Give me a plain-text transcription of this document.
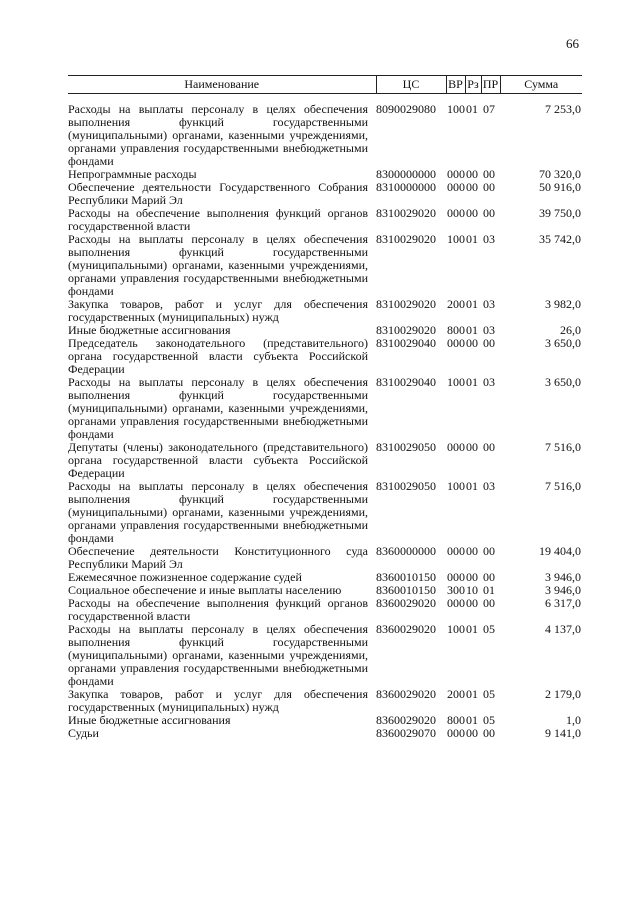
66
Наименование	ЦС	ВР	Рз	ПР	Сумма
Расходы на выплаты персоналу в целях обеспечения выполнения функций государственными (муниципальными) органами, казенными учреждениями, органами управления государственными внебюджетными фондами	8090029080	100	01	07	7 253,0
Непрограммные расходы	8300000000	000	00	00	70 320,0
Обеспечение деятельности Государственного Собрания Республики Марий Эл	8310000000	000	00	00	50 916,0
Расходы на обеспечение выполнения функций органов государственной власти	8310029020	000	00	00	39 750,0
Расходы на выплаты персоналу в целях обеспечения выполнения функций государственными (муниципальными) органами, казенными учреждениями, органами управления государственными внебюджетными фондами	8310029020	100	01	03	35 742,0
Закупка товаров, работ и услуг для обеспечения государственных (муниципальных) нужд	8310029020	200	01	03	3 982,0
Иные бюджетные ассигнования	8310029020	800	01	03	26,0
Председатель законодательного (представительного) органа государственной власти субъекта Российской Федерации	8310029040	000	00	00	3 650,0
Расходы на выплаты персоналу в целях обеспечения выполнения функций государственными (муниципальными) органами, казенными учреждениями, органами управления государственными внебюджетными фондами	8310029040	100	01	03	3 650,0
Депутаты (члены) законодательного (представительного) органа государственной власти субъекта Российской Федерации	8310029050	000	00	00	7 516,0
Расходы на выплаты персоналу в целях обеспечения выполнения функций государственными (муниципальными) органами, казенными учреждениями, органами управления государственными внебюджетными фондами	8310029050	100	01	03	7 516,0
Обеспечение деятельности Конституционного суда Республики Марий Эл	8360000000	000	00	00	19 404,0
Ежемесячное пожизненное содержание судей	8360010150	000	00	00	3 946,0
Социальное обеспечение и иные выплаты населению	8360010150	300	10	01	3 946,0
Расходы на обеспечение выполнения функций органов государственной власти	8360029020	000	00	00	6 317,0
Расходы на выплаты персоналу в целях обеспечения выполнения функций государственными (муниципальными) органами, казенными учреждениями, органами управления государственными внебюджетными фондами	8360029020	100	01	05	4 137,0
Закупка товаров, работ и услуг для обеспечения государственных (муниципальных) нужд	8360029020	200	01	05	2 179,0
Иные бюджетные ассигнования	8360029020	800	01	05	1,0
Судьи	8360029070	000	00	00	9 141,0
